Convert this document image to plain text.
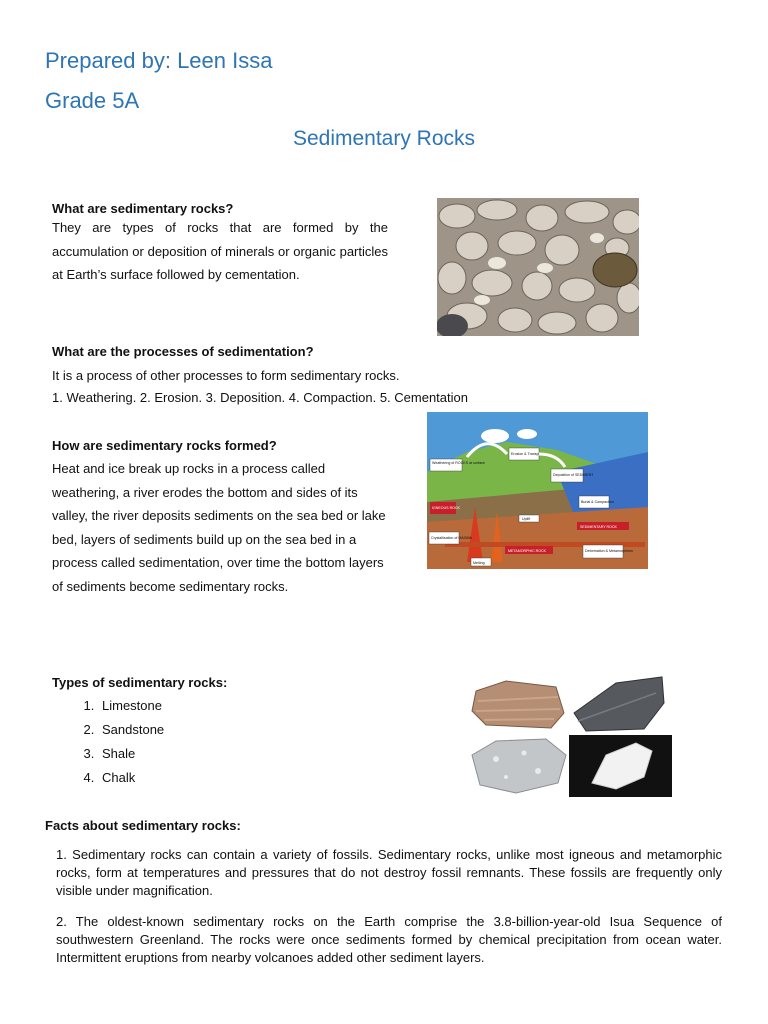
Prepared by: Leen Issa
Grade 5A
Sedimentary Rocks
What are sedimentary rocks?
They are types of rocks that are formed by the accumulation or deposition of minerals or organic particles at Earth’s surface followed by cementation.
What are the processes of sedimentation?
It is a process of other processes to form sedimentary rocks.
1. Weathering. 2. Erosion. 3. Deposition. 4. Compaction. 5. Cementation
How are sedimentary rocks formed?
Heat and ice break up rocks in a process called weathering, a river erodes the bottom and sides of its valley, the river deposits sediments on the sea bed or lake bed, layers of sediments build up on the sea bed in a process called sedimentation, over time the bottom layers of sediments become sedimentary rocks.
Weathering of ROCKS at surface
Erosion & Transport
Deposition of SEDIMENT
Burial & Compaction
SEDIMENTARY ROCK
IGNEOUS ROCK
Uplift
Crystallisation of MAGMA
METAMORPHIC ROCK	Deformation & Metamorphism
Melting
Types of sedimentary rocks:
1. Limestone
2. Sandstone
3. Shale
4. Chalk
Facts about sedimentary rocks:
1. Sedimentary rocks can contain a variety of fossils. Sedimentary rocks, unlike most igneous and metamorphic rocks, form at temperatures and pressures that do not destroy fossil remnants. These fossils are frequently only visible under magnification.
2. The oldest-known sedimentary rocks on the Earth comprise the 3.8-billion-year-old Isua Sequence of southwestern Greenland. The rocks were once sediments formed by chemical precipitation from ocean water. Intermittent eruptions from nearby volcanoes added other sediment layers.
